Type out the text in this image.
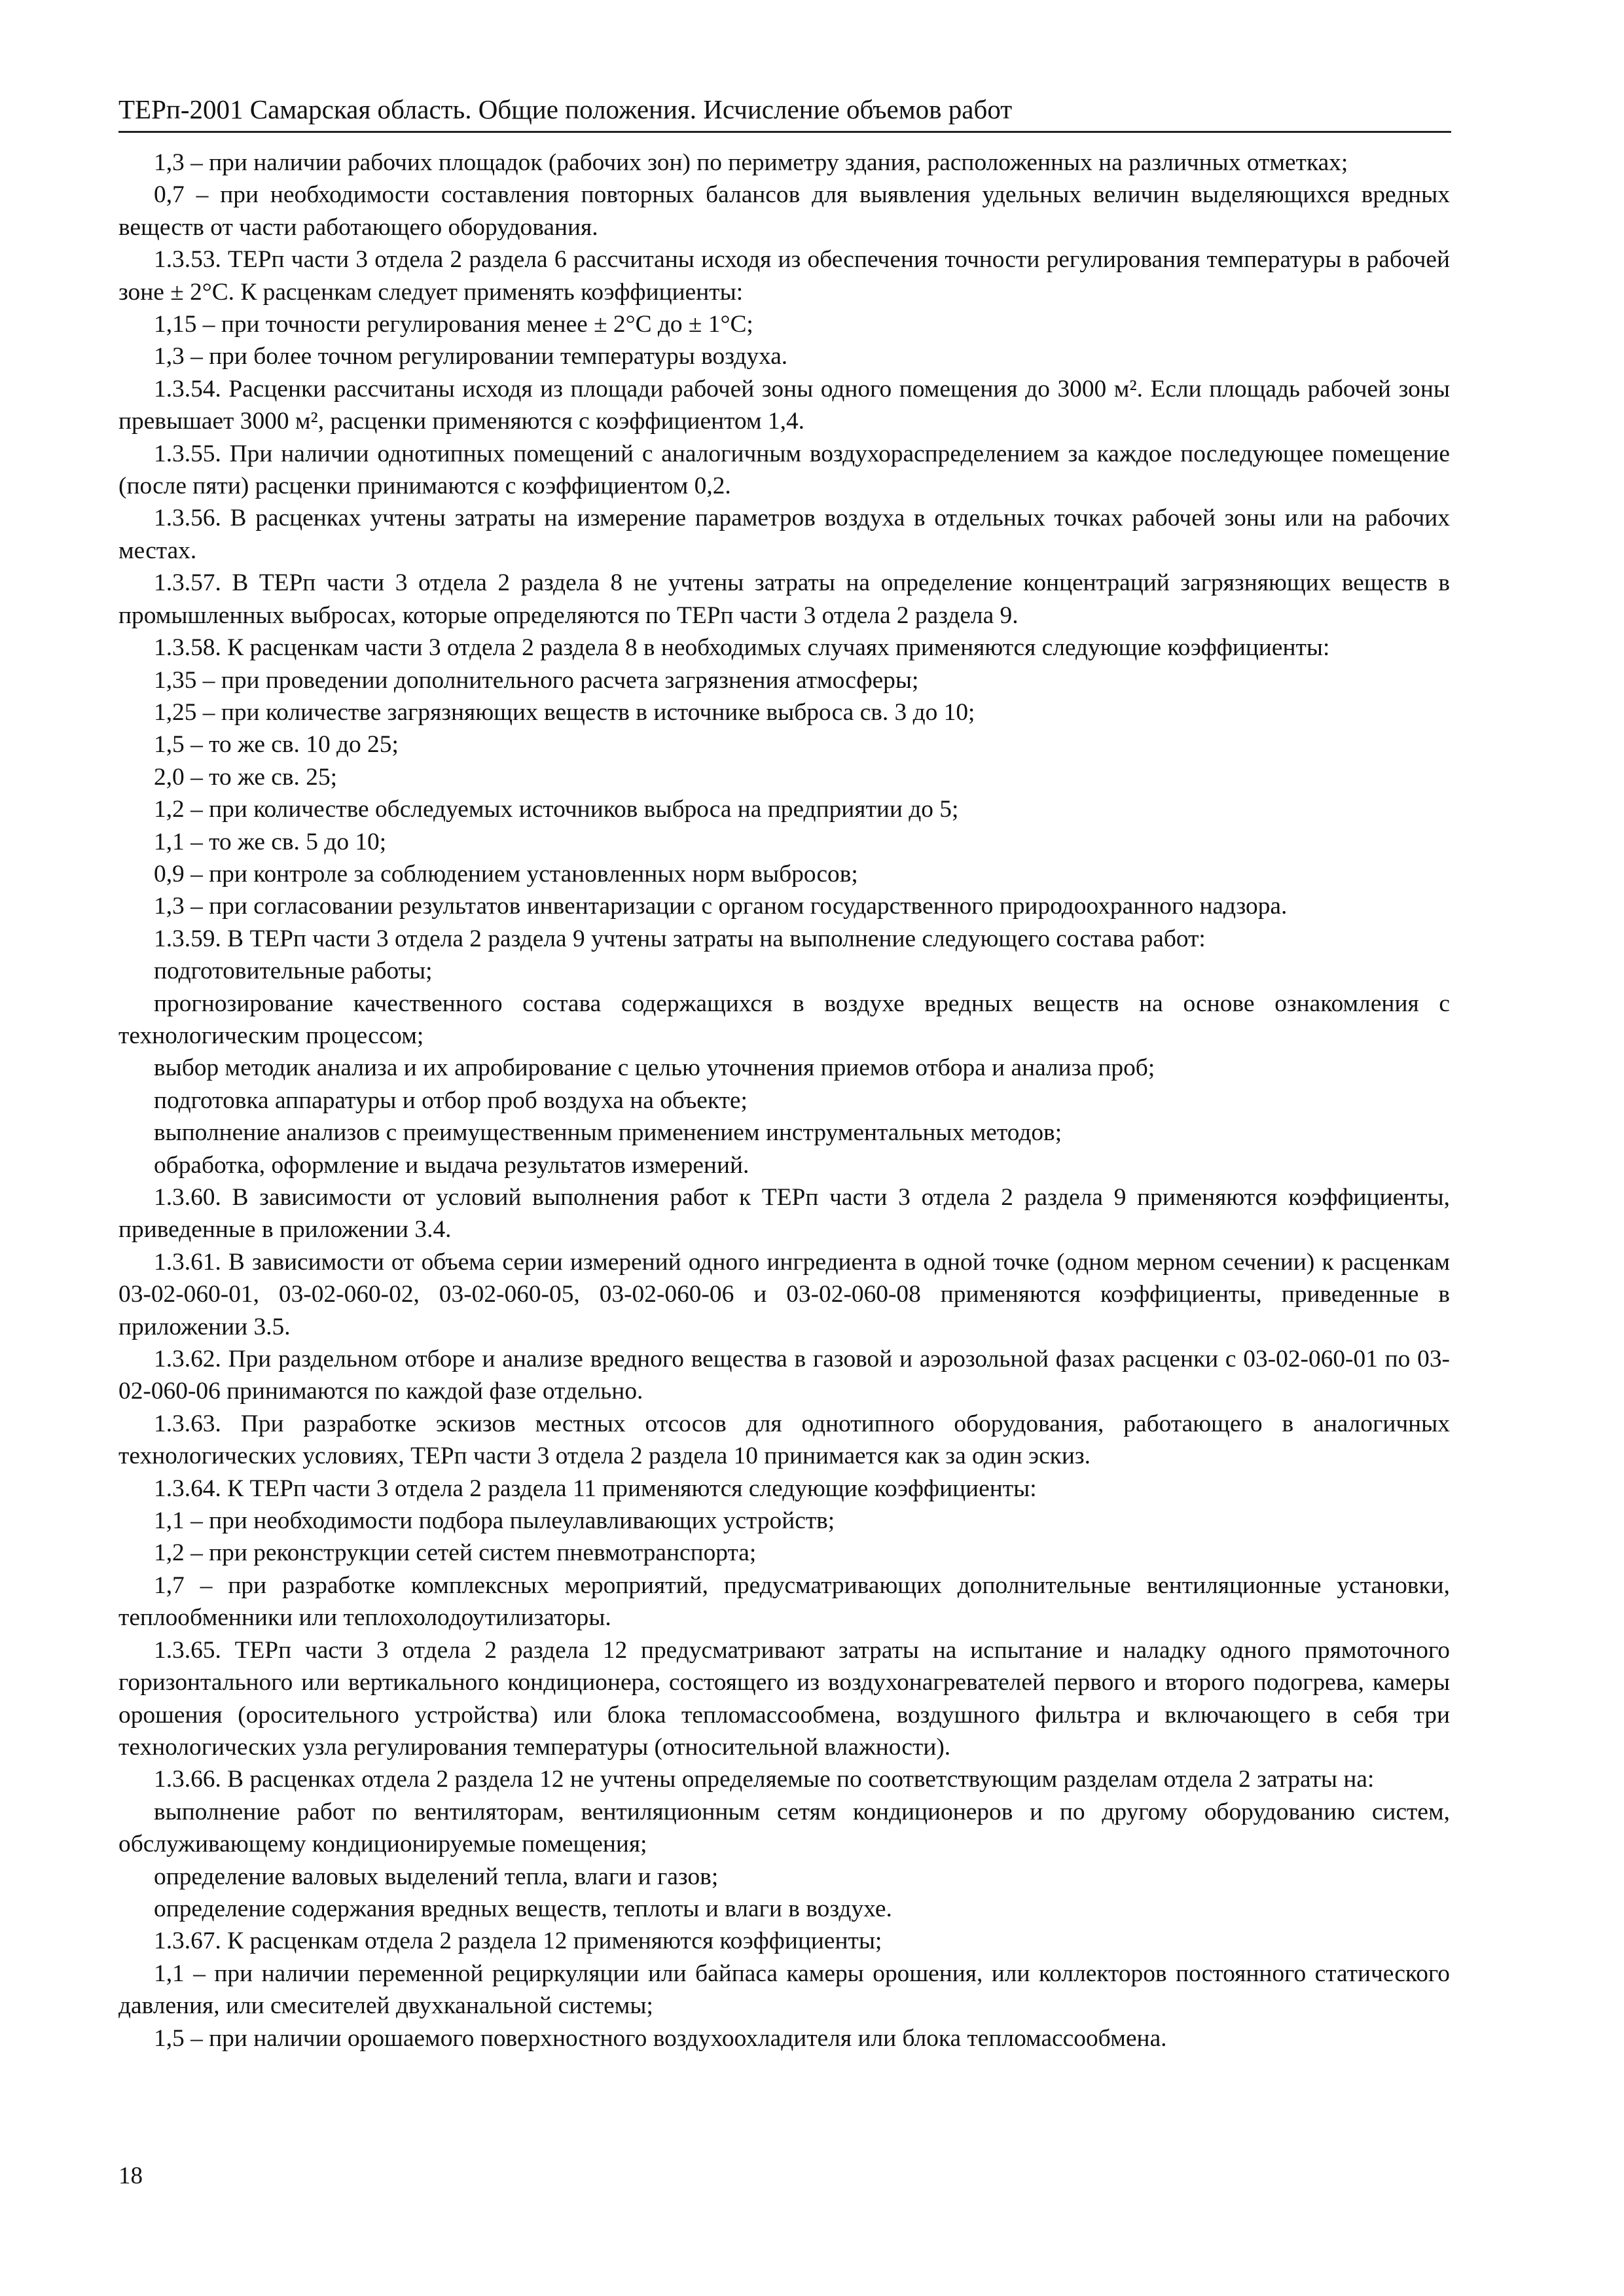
ТЕРп-2001 Самарская область. Общие положения. Исчисление объемов работ

1,3 – при наличии рабочих площадок (рабочих зон) по периметру здания, расположенных на различных отметках;

0,7 – при необходимости составления повторных балансов для выявления удельных величин выделяющихся вредных веществ от части работающего оборудования.

1.3.53. ТЕРп части 3 отдела 2 раздела 6 рассчитаны исходя из обеспечения точности регулирования температуры в рабочей зоне ± 2°С. К расценкам следует применять коэффициенты:

1,15 – при точности регулирования менее ± 2°С до ± 1°С;

1,3 – при более точном регулировании температуры воздуха.

1.3.54. Расценки рассчитаны исходя из площади рабочей зоны одного помещения до 3000 м². Если площадь рабочей зоны превышает 3000 м², расценки применяются с коэффициентом 1,4.

1.3.55. При наличии однотипных помещений с аналогичным воздухораспределением за каждое последующее помещение (после пяти) расценки принимаются с коэффициентом 0,2.

1.3.56. В расценках учтены затраты на измерение параметров воздуха в отдельных точках рабочей зоны или на рабочих местах.

1.3.57. В ТЕРп части 3 отдела 2 раздела 8 не учтены затраты на определение концентраций загрязняющих веществ в промышленных выбросах, которые определяются по ТЕРп части 3 отдела 2 раздела 9.

1.3.58. К расценкам части 3 отдела 2 раздела 8 в необходимых случаях применяются следующие коэффициенты:

1,35 – при проведении дополнительного расчета загрязнения атмосферы;

1,25 – при количестве загрязняющих веществ в источнике выброса св. 3 до 10;

1,5 – то же св. 10 до 25;

2,0 – то же св. 25;

1,2 – при количестве обследуемых источников выброса на предприятии до 5;

1,1 – то же св. 5 до 10;

0,9 – при контроле за соблюдением установленных норм выбросов;

1,3 – при согласовании результатов инвентаризации с органом государственного природоохранного надзора.

1.3.59. В ТЕРп части 3 отдела 2 раздела 9 учтены затраты на выполнение следующего состава работ:

подготовительные работы;

прогнозирование качественного состава содержащихся в воздухе вредных веществ на основе ознакомления с технологическим процессом;

выбор методик анализа и их апробирование с целью уточнения приемов отбора и анализа проб;

подготовка аппаратуры и отбор проб воздуха на объекте;

выполнение анализов с преимущественным применением инструментальных методов;

обработка, оформление и выдача результатов измерений.

1.3.60. В зависимости от условий выполнения работ к ТЕРп части 3 отдела 2 раздела 9 применяются коэффициенты, приведенные в приложении 3.4.

1.3.61. В зависимости от объема серии измерений одного ингредиента в одной точке (одном мерном сечении) к расценкам 03-02-060-01, 03-02-060-02, 03-02-060-05, 03-02-060-06 и 03-02-060-08 применяются коэффициенты, приведенные в приложении 3.5.

1.3.62. При раздельном отборе и анализе вредного вещества в газовой и аэрозольной фазах расценки с 03-02-060-01 по 03-02-060-06 принимаются по каждой фазе отдельно.

1.3.63. При разработке эскизов местных отсосов для однотипного оборудования, работающего в аналогичных технологических условиях, ТЕРп части 3 отдела 2 раздела 10 принимается как за один эскиз.

1.3.64. К ТЕРп части 3 отдела 2 раздела 11 применяются следующие коэффициенты:

1,1 – при необходимости подбора пылеулавливающих устройств;

1,2 – при реконструкции сетей систем пневмотранспорта;

1,7 – при разработке комплексных мероприятий, предусматривающих дополнительные вентиляционные установки, теплообменники или теплохолодоутилизаторы.

1.3.65. ТЕРп части 3 отдела 2 раздела 12 предусматривают затраты на испытание и наладку одного прямоточного горизонтального или вертикального кондиционера, состоящего из воздухонагревателей первого и второго подогрева, камеры орошения (оросительного устройства) или блока тепломассообмена, воздушного фильтра и включающего в себя три технологических узла регулирования температуры (относительной влажности).

1.3.66. В расценках отдела 2 раздела 12 не учтены определяемые по соответствующим разделам отдела 2 затраты на:

выполнение работ по вентиляторам, вентиляционным сетям кондиционеров и по другому оборудованию систем, обслуживающему кондиционируемые помещения;

определение валовых выделений тепла, влаги и газов;

определение содержания вредных веществ, теплоты и влаги в воздухе.

1.3.67. К расценкам отдела 2 раздела 12 применяются коэффициенты;

1,1 – при наличии переменной рециркуляции или байпаса камеры орошения, или коллекторов постоянного статического давления, или смесителей двухканальной системы;

1,5 – при наличии орошаемого поверхностного воздухоохладителя или блока тепломассообмена.

18
